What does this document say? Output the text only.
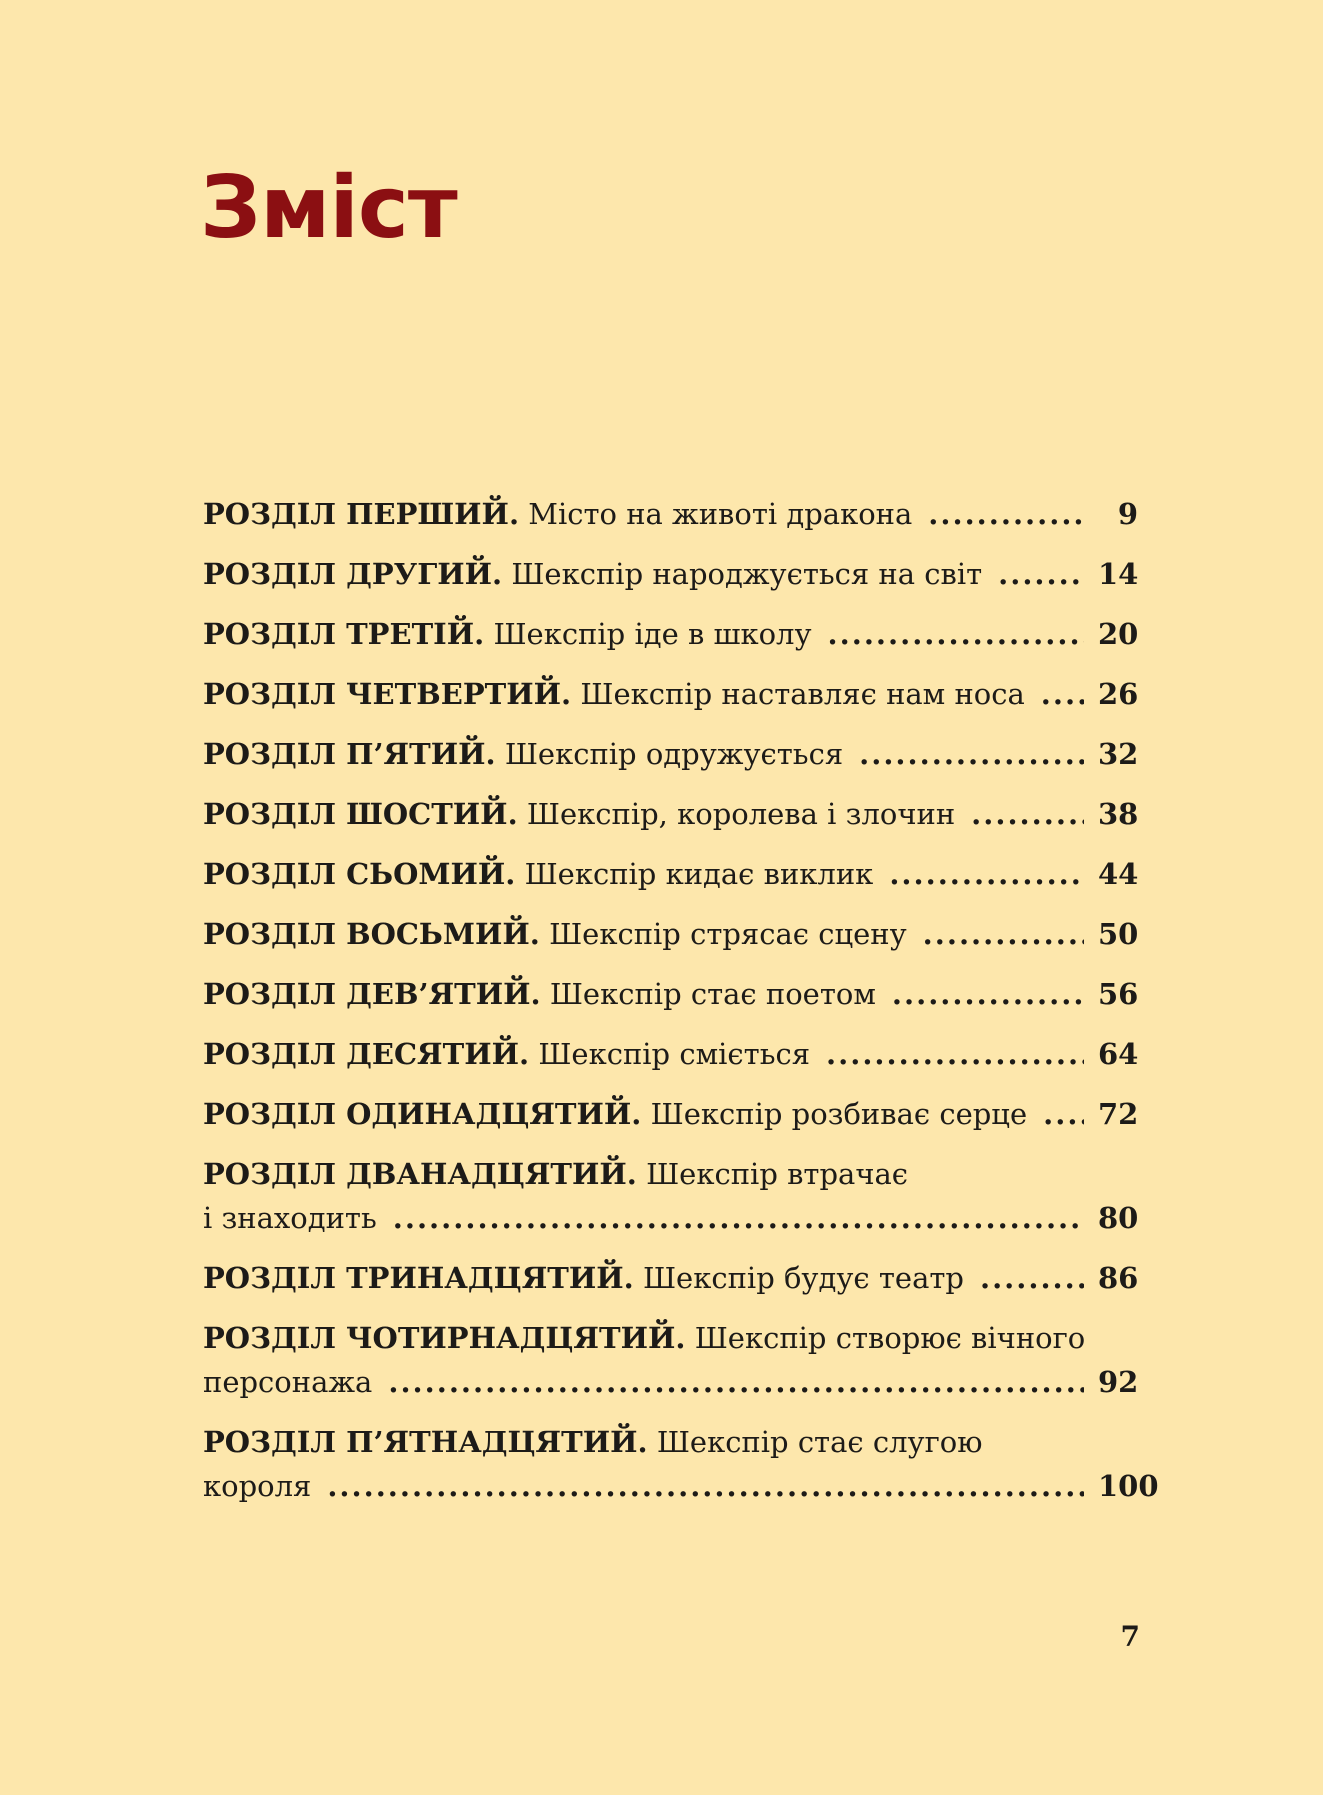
Зміст
РОЗДІЛ ПЕРШИЙ.
Місто на животі дракона .....	9
РОЗДІЛ ДРУГИЙ.
Шекспір народжується на світ .....	14
РОЗДІЛ ТРЕТІЙ.
Шекспір іде в школу .....	20
РОЗДІЛ ЧЕТВЕРТИЙ.
Шекспір наставляє нам носа .....	26
РОЗДІЛ П’ЯТИЙ.
Шекспір одружується .....	32
РОЗДІЛ ШОСТИЙ.
Шекспір, королева і злочин .....	38
РОЗДІЛ СЬОМИЙ.
Шекспір кидає виклик .....	44
РОЗДІЛ ВОСЬМИЙ.
Шекспір стрясає сцену .....	50
РОЗДІЛ ДЕВ’ЯТИЙ.
Шекспір стає поетом .....	56
РОЗДІЛ ДЕСЯТИЙ.
Шекспір сміється .....	64
РОЗДІЛ ОДИНАДЦЯТИЙ.
Шекспір розбиває серце ..... 72
РОЗДІЛ ДВАНАДЦЯТИЙ. Шекспір втрачає
і знаходить .....	80
РОЗДІЛ ТРИНАДЦЯТИЙ.
Шекспір будує театр .....	86
РОЗДІЛ ЧОТИРНАДЦЯТИЙ. Шекспір створює вічного
персонажа .....	92
РОЗДІЛ П’ЯТНАДЦЯТИЙ. Шекспір стає слугою
короля .....	100
7
